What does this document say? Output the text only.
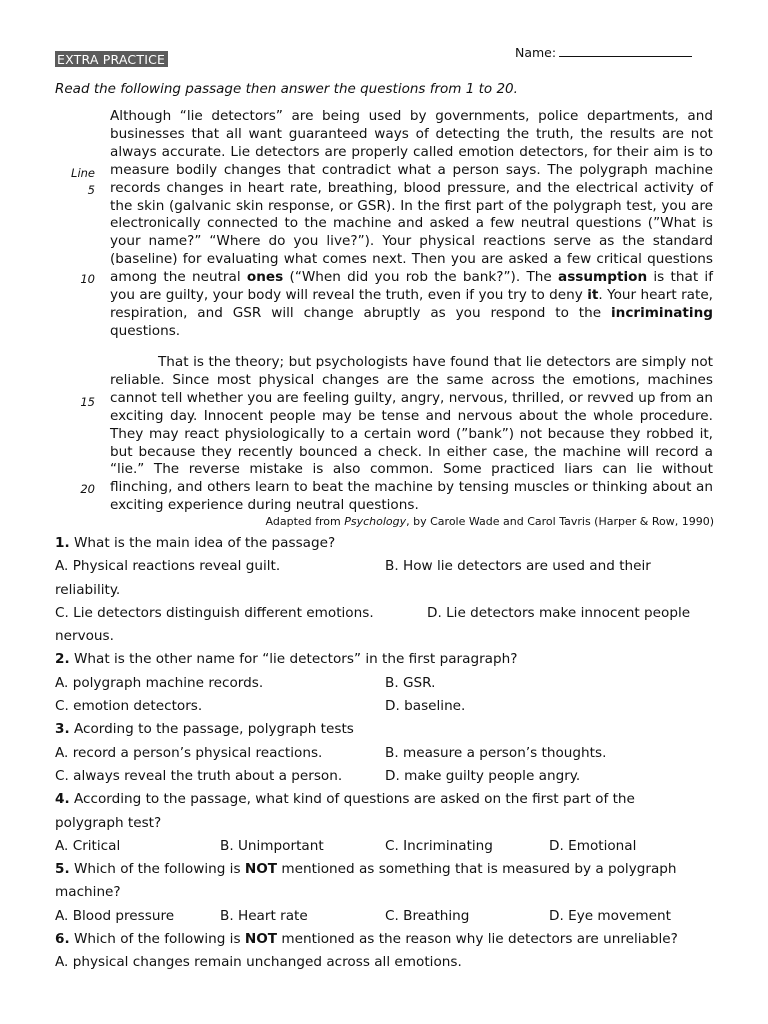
EXTRA PRACTICE	Name:
Read the following passage then answer the questions from 1 to 20.
Line
5
10
15
20
Although “lie detectors” are being used by governments, police departments, and businesses that all want guaranteed ways of detecting the truth, the results are not always accurate. Lie detectors are properly called emotion detectors, for their aim is to measure bodily changes that contradict what a person says. The polygraph machine records changes in heart rate, breathing, blood pressure, and the electrical activity of the skin (galvanic skin response, or GSR). In the first part of the polygraph test, you are electronically connected to the machine and asked a few neutral questions (”What is your name?” “Where do you live?”). Your physical reactions serve as the standard (baseline) for evaluating what comes next. Then you are asked a few critical questions among the neutral ones (“When did you rob the bank?”). The assumption is that if you are guilty, your body will reveal the truth, even if you try to deny it. Your heart rate, respiration, and GSR will change abruptly as you respond to the incriminating questions.
That is the theory; but psychologists have found that lie detectors are simply not reliable. Since most physical changes are the same across the emotions, machines cannot tell whether you are feeling guilty, angry, nervous, thrilled, or revved up from an exciting day. Innocent people may be tense and nervous about the whole procedure. They may react physiologically to a certain word (”bank”) not because they robbed it, but because they recently bounced a check. In either case, the machine will record a “lie.” The reverse mistake is also common. Some practiced liars can lie without flinching, and others learn to beat the machine by tensing muscles or thinking about an exciting experience during neutral questions.
Adapted from Psychology, by Carole Wade and Carol Tavris (Harper & Row, 1990)
1. What is the main idea of the passage?
A. Physical reactions reveal guilt.	B. How lie detectors are used and their
reliability.
C. Lie detectors distinguish different emotions.	D. Lie detectors make innocent people
nervous.
2. What is the other name for “lie detectors” in the first paragraph?
A. polygraph machine records.	B. GSR.
C. emotion detectors.	D. baseline.
3. Acording to the passage, polygraph tests
A. record a person’s physical reactions.	B. measure a person’s thoughts.
C. always reveal the truth about a person.	D. make guilty people angry.
4. According to the passage, what kind of questions are asked on the first part of the
polygraph test?
A. Critical	B. Unimportant	C. Incriminating	D. Emotional
5. Which of the following is NOT mentioned as something that is measured by a polygraph
machine?
A. Blood pressure	B. Heart rate	C. Breathing	D. Eye movement
6. Which of the following is NOT mentioned as the reason why lie detectors are unreliable?
A. physical changes remain unchanged across all emotions.
